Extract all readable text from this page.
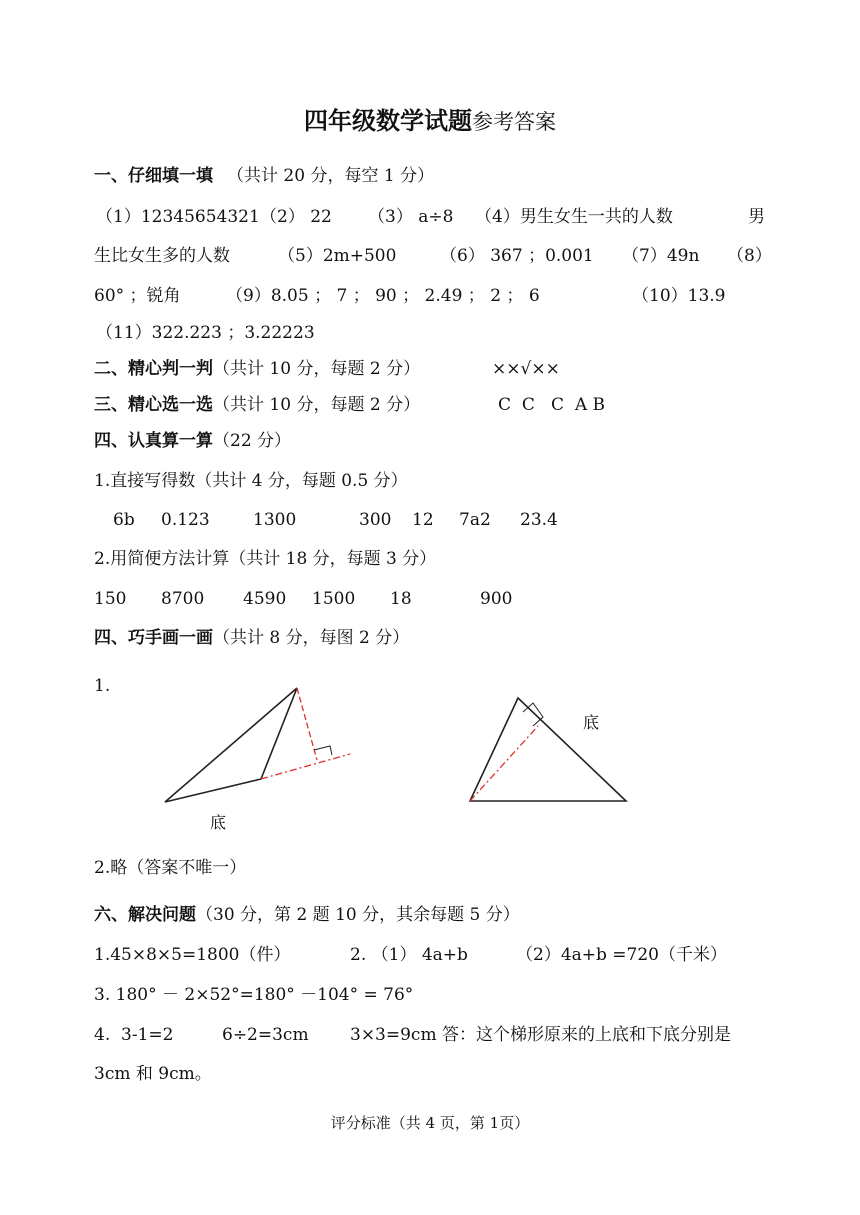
四年级数学试题参考答案
一、仔细填一填 （共计 20 分，每空 1 分）
（1）12345654321 （2） 22 （3） a÷8 （4）男生女生一共的人数	男
生比女生多的人数	（5）2m+500	（6） 367 ；0.001 （7）49n （8）
60° ；锐角	（9）8.05 ； 7 ； 90 ； 2.49 ； 2 ； 6	（10）13.9
（11）322.223 ；3.22223
二、精心判一判（共计 10 分，每题 2 分）	××√××
三、精心选一选（共计 10 分，每题 2 分）	C  C   C  A B
四、认真算一算（22 分）
1.直接写得数（共计 4 分，每题 0.5 分）
6b 0.123	1300	300 12 7a2 23.4
2.用简便方法计算（共计 18 分，每题 3 分）
150 8700 4590 1500 18	900
四、巧手画一画（共计 8 分，每图 2 分）
1.
底
底
2.略（答案不唯一）
六、解决问题（30 分，第 2 题 10 分，其余每题 5 分）
1.45×8×5=1800（件）	2. （1） 4a+b	（2）4a+b =720（千米）
3. 180° － 2×52°=180° －104° = 76°
4.  3-1=2	6÷2=3cm 3×3=9cm 答：这个梯形原来的上底和下底分别是
3cm 和 9cm。
评分标准（共 4 页，第 1页）
